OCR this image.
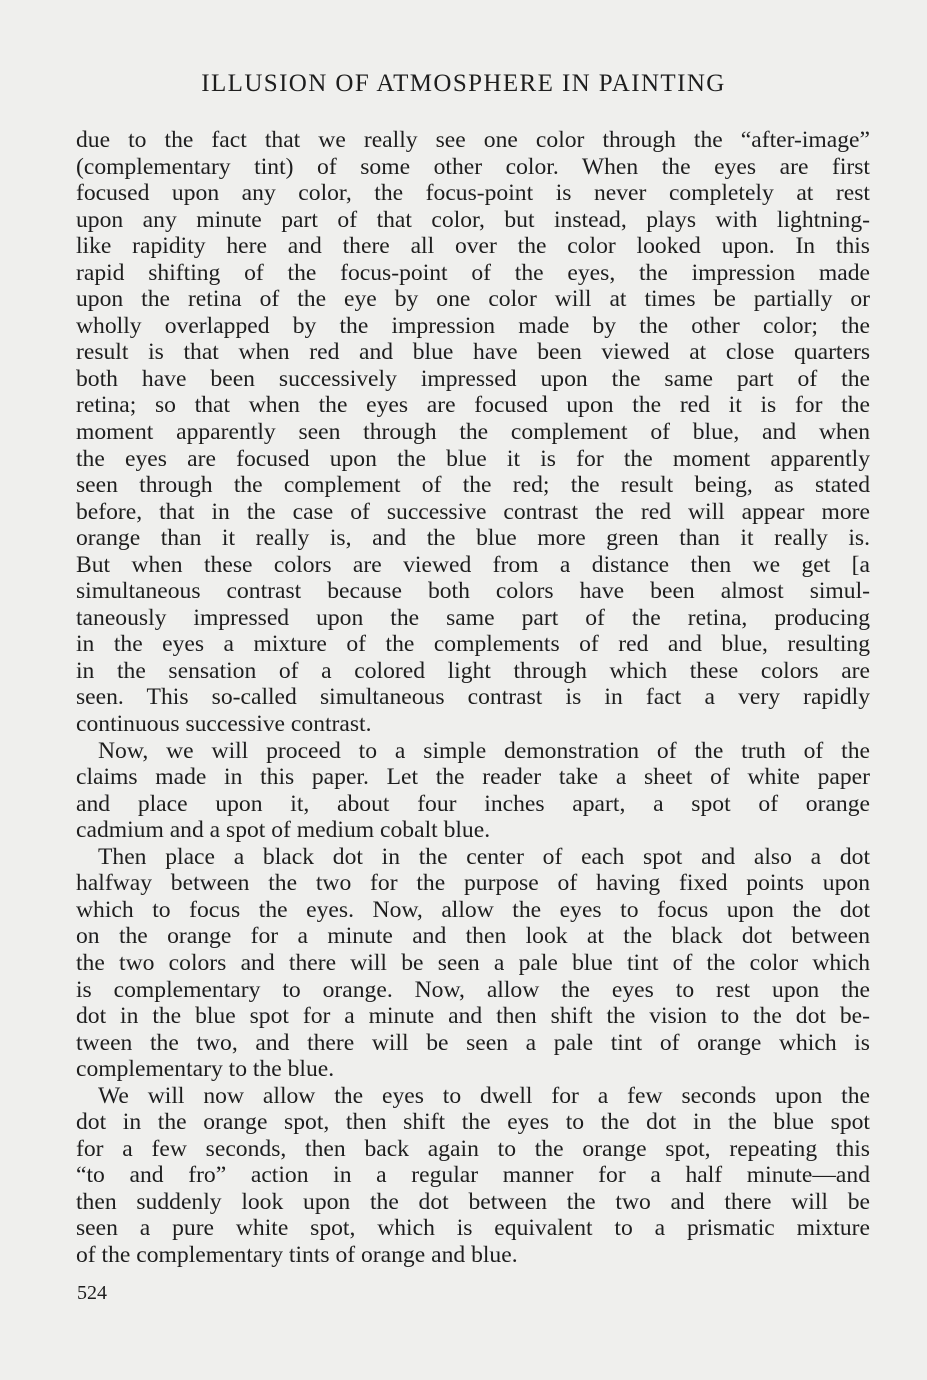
ILLUSION OF ATMOSPHERE IN PAINTING
due to the fact that we really see one color through the “after-image”
(complementary tint) of some other color. When the eyes are first
focused upon any color, the focus-point is never completely at rest
upon any minute part of that color, but instead, plays with lightning-
like rapidity here and there all over the color looked upon. In this
rapid shifting of the focus-point of the eyes, the impression made
upon the retina of the eye by one color will at times be partially or
wholly overlapped by the impression made by the other color; the
result is that when red and blue have been viewed at close quarters
both have been successively impressed upon the same part of the
retina; so that when the eyes are focused upon the red it is for the
moment apparently seen through the complement of blue, and when
the eyes are focused upon the blue it is for the moment apparently
seen through the complement of the red; the result being, as stated
before, that in the case of successive contrast the red will appear more
orange than it really is, and the blue more green than it really is.
But when these colors are viewed from a distance then we get [a
simultaneous contrast because both colors have been almost simul-
taneously impressed upon the same part of the retina, producing
in the eyes a mixture of the complements of red and blue, resulting
in the sensation of a colored light through which these colors are
seen. This so-called simultaneous contrast is in fact a very rapidly
continuous successive contrast.
Now, we will proceed to a simple demonstration of the truth of the
claims made in this paper. Let the reader take a sheet of white paper
and place upon it, about four inches apart, a spot of orange
cadmium and a spot of medium cobalt blue.
Then place a black dot in the center of each spot and also a dot
halfway between the two for the purpose of having fixed points upon
which to focus the eyes. Now, allow the eyes to focus upon the dot
on the orange for a minute and then look at the black dot between
the two colors and there will be seen a pale blue tint of the color which
is complementary to orange. Now, allow the eyes to rest upon the
dot in the blue spot for a minute and then shift the vision to the dot be-
tween the two, and there will be seen a pale tint of orange which is
complementary to the blue.
We will now allow the eyes to dwell for a few seconds upon the
dot in the orange spot, then shift the eyes to the dot in the blue spot
for a few seconds, then back again to the orange spot, repeating this
“to and fro” action in a regular manner for a half minute—and
then suddenly look upon the dot between the two and there will be
seen a pure white spot, which is equivalent to a prismatic mixture
of the complementary tints of orange and blue.
524
